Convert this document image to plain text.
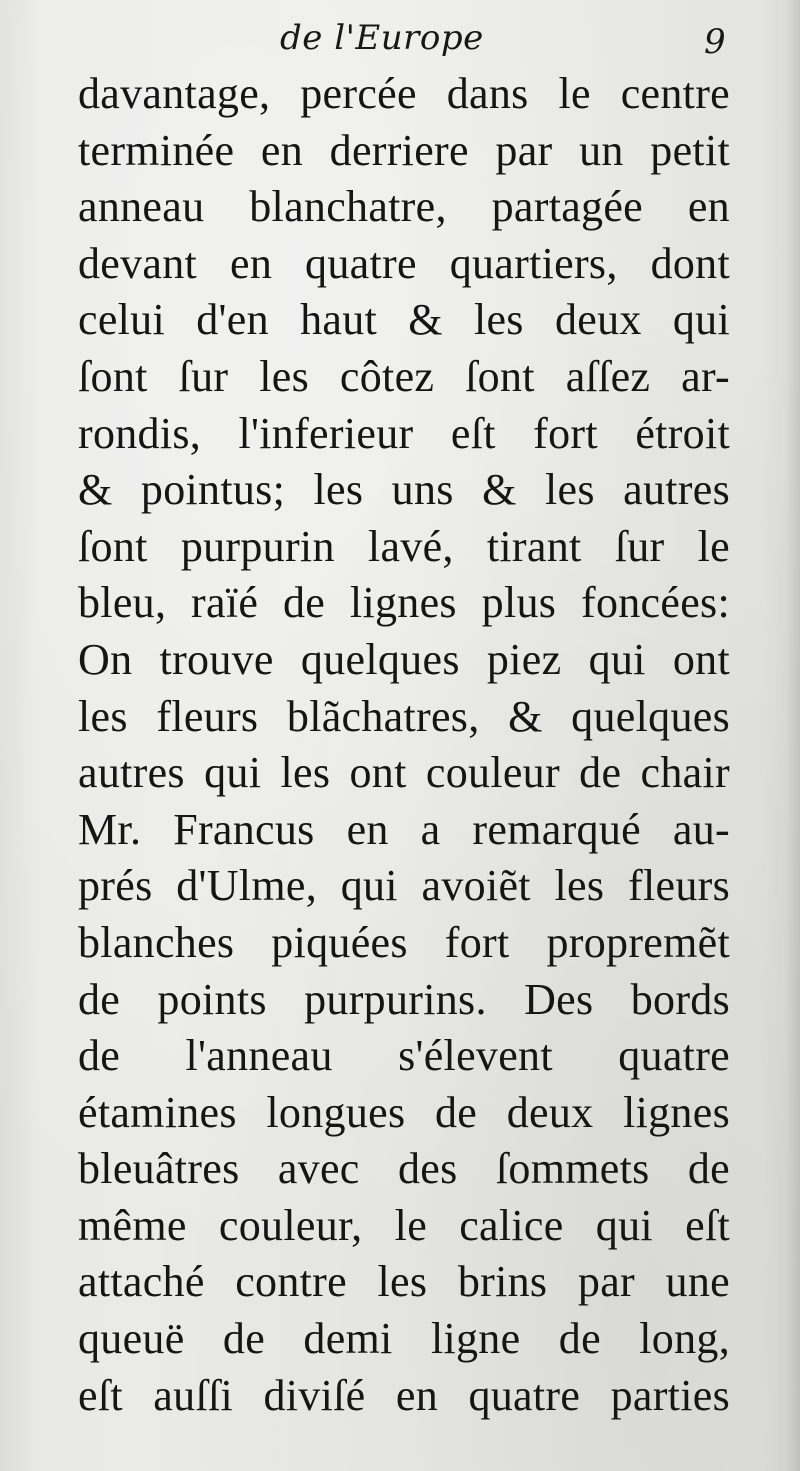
de l'Europe	9
davantage, percée dans le centre
terminée en derriere par un petit
anneau blanchatre, partagée en
devant en quatre quartiers, dont
celui d'en haut & les deux qui
ſont ſur les côtez ſont aſſez ar-
rondis, l'inferieur eſt fort étroit
& pointus; les uns & les autres
ſont purpurin lavé, tirant ſur le
bleu, raïé de lignes plus foncées:
On trouve quelques piez qui ont
les fleurs blãchatres, & quelques
autres qui les ont couleur de chair
Mr. Francus en a remarqué au-
prés d'Ulme, qui avoiẽt les fleurs
blanches piquées fort propremẽt
de points purpurins. Des bords
de l'anneau s'élevent quatre
étamines longues de deux lignes
bleuâtres avec des ſommets de
même couleur, le calice qui eſt
attaché contre les brins par une
queuë de demi ligne de long,
eſt auſſi diviſé en quatre parties
